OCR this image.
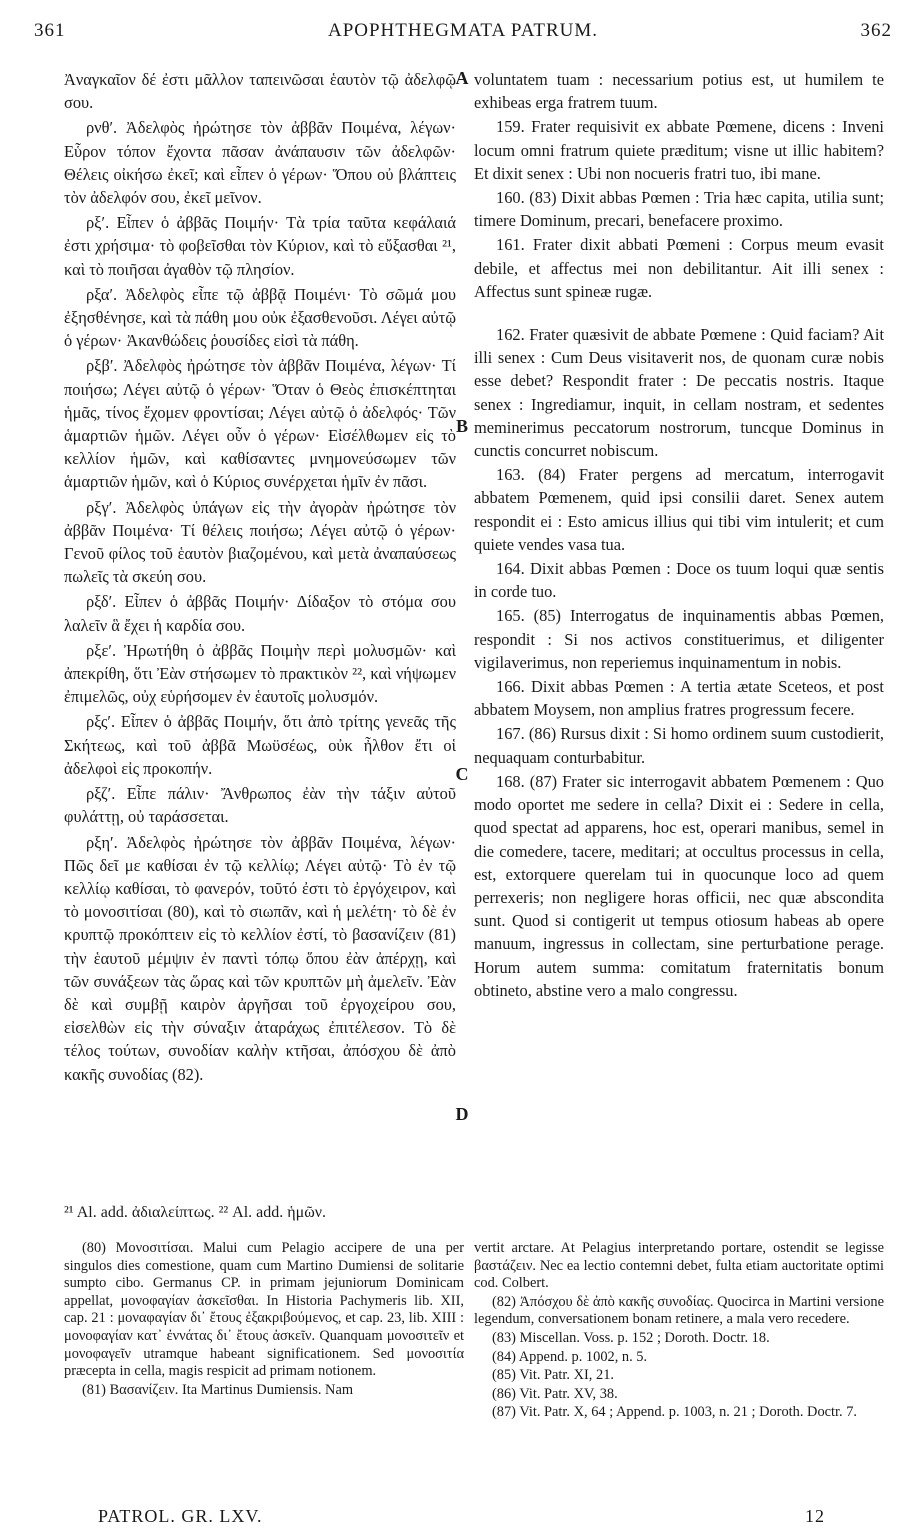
361	APOPHTHEGMATA PATRUM.	362

Ἀναγκαῖον δέ ἐστι μᾶλλον ταπεινῶσαι ἑαυτὸν τῷ ἀδελφῷ σου.

ρνθʹ. Ἀδελφὸς ἠρώτησε τὸν ἀββᾶν Ποιμένα, λέγων· Εὗρον τόπον ἔχοντα πᾶσαν ἀνάπαυσιν τῶν ἀδελφῶν· Θέλεις οἰκήσω ἐκεῖ; καὶ εἶπεν ὁ γέρων· Ὅπου οὐ βλάπτεις τὸν ἀδελφόν σου, ἐκεῖ μεῖνον.

ρξʹ. Εἶπεν ὁ ἀββᾶς Ποιμήν· Τὰ τρία ταῦτα κεφάλαιά ἐστι χρήσιμα· τὸ φοβεῖσθαι τὸν Κύριον, καὶ τὸ εὔξασθαι ²¹, καὶ τὸ ποιῆσαι ἀγαθὸν τῷ πλησίον.

ρξαʹ. Ἀδελφὸς εἶπε τῷ ἀββᾷ Ποιμένι· Τὸ σῶμά μου ἐξησθένησε, καὶ τὰ πάθη μου οὐκ ἐξασθενοῦσι. Λέγει αὐτῷ ὁ γέρων· Ἀκανθώδεις ῥουσίδες εἰσὶ τὰ πάθη.

ρξβʹ. Ἀδελφὸς ἠρώτησε τὸν ἀββᾶν Ποιμένα, λέγων· Τί ποιήσω; Λέγει αὐτῷ ὁ γέρων· Ὅταν ὁ Θεὸς ἐπισκέπτηται ἡμᾶς, τίνος ἔχομεν φροντίσαι; Λέγει αὐτῷ ὁ ἀδελφός· Τῶν ἁμαρτιῶν ἡμῶν. Λέγει οὖν ὁ γέρων· Εἰσέλθωμεν εἰς τὸ κελλίον ἡμῶν, καὶ καθίσαντες μνημονεύσωμεν τῶν ἁμαρτιῶν ἡμῶν, καὶ ὁ Κύριος συνέρχεται ἡμῖν ἐν πᾶσι.

ρξγʹ. Ἀδελφὸς ὑπάγων εἰς τὴν ἀγορὰν ἠρώτησε τὸν ἀββᾶν Ποιμένα· Τί θέλεις ποιήσω; Λέγει αὐτῷ ὁ γέρων· Γενοῦ φίλος τοῦ ἑαυτὸν βιαζομένου, καὶ μετὰ ἀναπαύσεως πωλεῖς τὰ σκεύη σου.

ρξδʹ. Εἶπεν ὁ ἀββᾶς Ποιμήν· Δίδαξον τὸ στόμα σου λαλεῖν ἃ ἔχει ἡ καρδία σου.

ρξεʹ. Ἠρωτήθη ὁ ἀββᾶς Ποιμὴν περὶ μολυσμῶν· καὶ ἀπεκρίθη, ὅτι Ἐὰν στήσωμεν τὸ πρακτικὸν ²², καὶ νήψωμεν ἐπιμελῶς, οὐχ εὑρήσομεν ἐν ἑαυτοῖς μολυσμόν.

ρξςʹ. Εἶπεν ὁ ἀββᾶς Ποιμήν, ὅτι ἀπὸ τρίτης γενεᾶς τῆς Σκήτεως, καὶ τοῦ ἀββᾶ Μωϋσέως, οὐκ ἦλθον ἔτι οἱ ἀδελφοὶ εἰς προκοπήν.

ρξζʹ. Εἶπε πάλιν· Ἄνθρωπος ἐὰν τὴν τάξιν αὐτοῦ φυλάττῃ, οὐ ταράσσεται.

ρξηʹ. Ἀδελφὸς ἠρώτησε τὸν ἀββᾶν Ποιμένα, λέγων· Πῶς δεῖ με καθίσαι ἐν τῷ κελλίῳ; Λέγει αὐτῷ· Τὸ ἐν τῷ κελλίῳ καθίσαι, τὸ φανερόν, τοῦτό ἐστι τὸ ἐργόχειρον, καὶ τὸ μονοσιτίσαι (80), καὶ τὸ σιωπᾶν, καὶ ἡ μελέτη· τὸ δὲ ἐν κρυπτῷ προκόπτειν εἰς τὸ κελλίον ἐστί, τὸ βασανίζειν (81) τὴν ἑαυτοῦ μέμψιν ἐν παντὶ τόπῳ ὅπου ἐὰν ἀπέρχῃ, καὶ τῶν συνάξεων τὰς ὥρας καὶ τῶν κρυπτῶν μὴ ἀμελεῖν. Ἐὰν δὲ καὶ συμβῇ καιρὸν ἀργῆσαι τοῦ ἐργοχείρου σου, εἰσελθὼν εἰς τὴν σύναξιν ἀταράχως ἐπιτέλεσον. Τὸ δὲ τέλος τούτων, συνοδίαν καλὴν κτῆσαι, ἀπόσχου δὲ ἀπὸ κακῆς συνοδίας (82).

A
B
C
D

voluntatem tuam : necessarium potius est, ut humilem te exhibeas erga fratrem tuum.

159. Frater requisivit ex abbate Pœmene, dicens : Inveni locum omni fratrum quiete præditum; visne ut illic habitem? Et dixit senex : Ubi non nocueris fratri tuo, ibi mane.

160. (83) Dixit abbas Pœmen : Tria hæc capita, utilia sunt; timere Dominum, precari, benefacere proximo.

161. Frater dixit abbati Pœmeni : Corpus meum evasit debile, et affectus mei non debilitantur. Ait illi senex : Affectus sunt spineæ rugæ.

162. Frater quæsivit de abbate Pœmene : Quid faciam? Ait illi senex : Cum Deus visitaverit nos, de quonam curæ nobis esse debet? Respondit frater : De peccatis nostris. Itaque senex : Ingrediamur, inquit, in cellam nostram, et sedentes meminerimus peccatorum nostrorum, tuncque Dominus in cunctis concurret nobiscum.

163. (84) Frater pergens ad mercatum, interrogavit abbatem Pœmenem, quid ipsi consilii daret. Senex autem respondit ei : Esto amicus illius qui tibi vim intulerit; et cum quiete vendes vasa tua.

164. Dixit abbas Pœmen : Doce os tuum loqui quæ sentis in corde tuo.

165. (85) Interrogatus de inquinamentis abbas Pœmen, respondit : Si nos activos constituerimus, et diligenter vigilaverimus, non reperiemus inquinamentum in nobis.

166. Dixit abbas Pœmen : A tertia ætate Sceteos, et post abbatem Moysem, non amplius fratres progressum fecere.

167. (86) Rursus dixit : Si homo ordinem suum custodierit, nequaquam conturbabitur.

168. (87) Frater sic interrogavit abbatem Pœmenem : Quo modo oportet me sedere in cella? Dixit ei : Sedere in cella, quod spectat ad apparens, hoc est, operari manibus, semel in die comedere, tacere, meditari; at occultus processus in cella, est, extorquere querelam tui in quocunque loco ad quem perrexeris; non negligere horas officii, nec quæ abscondita sunt. Quod si contigerit ut tempus otiosum habeas ab opere manuum, ingressus in collectam, sine perturbatione perage. Horum autem summa: comitatum fraternitatis bonum obtineto, abstine vero a malo congressu.

²¹ Al. add. ἀδιαλείπτως. ²² Al. add. ἡμῶν.

(80) Μονοσιτίσαι. Malui cum Pelagio accipere de una per singulos dies comestione, quam cum Martino Dumiensi de solitarie sumpto cibo. Germanus CP. in primam jejuniorum Dominicam appellat, μονοφαγίαν ἀσκεῖσθαι. In Historia Pachymeris lib. XII, cap. 21 : μοναφαγίαν δι᾿ ἔτους ἐξακριβούμενος, et cap. 23, lib. XIII : μονοφαγίαν κατ᾿ ἐννάτας δι᾿ ἔτους ἀσκεῖν. Quanquam μονοσιτεῖν et μονοφαγεῖν utramque habeant significationem. Sed μονοσιτία præcepta in cella, magis respicit ad primam notionem.

(81) Βασανίζειν. Ita Martinus Dumiensis. Nam

vertit arctare. At Pelagius interpretando portare, ostendit se legisse βαστάζειν. Nec ea lectio contemni debet, fulta etiam auctoritate optimi cod. Colbert.

(82) Ἀπόσχου δὲ ἀπὸ κακῆς συνοδίας. Quocirca in Martini versione legendum, conversationem bonam retinere, a mala vero recedere.

(83) Miscellan. Voss. p. 152 ; Doroth. Doctr. 18.

(84) Append. p. 1002, n. 5.

(85) Vit. Patr. XI, 21.

(86) Vit. Patr. XV, 38.

(87) Vit. Patr. X, 64 ; Append. p. 1003, n. 21 ; Doroth. Doctr. 7.

PATROL. GR. LXV.	12
